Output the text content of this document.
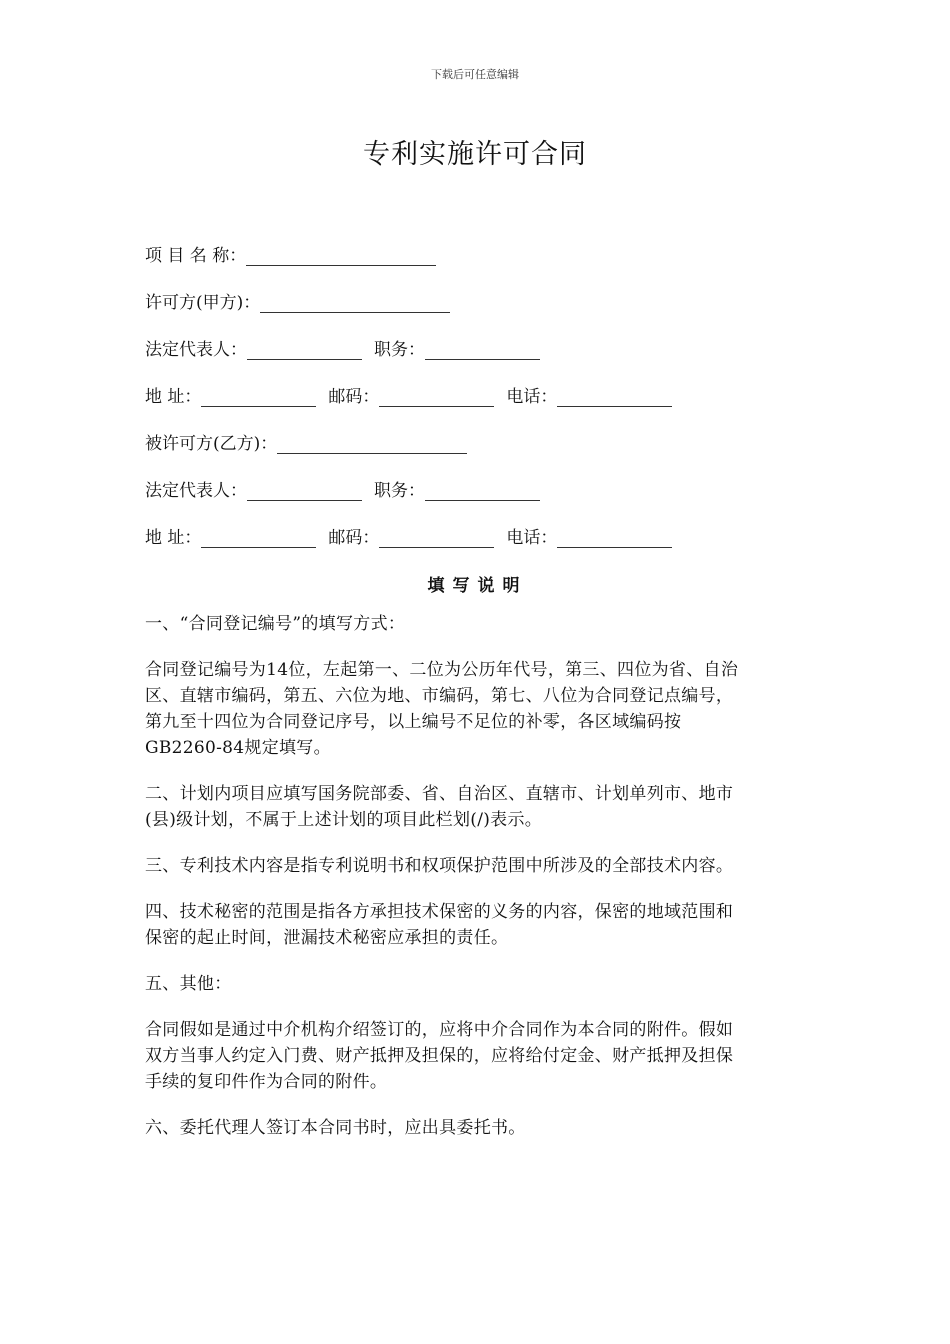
下载后可任意编辑
专利实施许可合同
项 目 名 称：
许可方(甲方)：
法定代表人：	职务：
地 址：	邮码：	电话：
被许可方(乙方)：
法定代表人：	职务：
地 址：	邮码：	电话：
填写说明

一、“合同登记编号”的填写方式：

合同登记编号为14位，左起第一、二位为公历年代号，第三、四位为省、自治
区、直辖市编码，第五、六位为地、市编码，第七、八位为合同登记点编号，
第九至十四位为合同登记序号，以上编号不足位的补零，各区域编码按
GB2260-84规定填写。

二、计划内项目应填写国务院部委、省、自治区、直辖市、计划单列市、地市
(县)级计划，不属于上述计划的项目此栏划(/)表示。

三、专利技术内容是指专利说明书和权项保护范围中所涉及的全部技术内容。

四、技术秘密的范围是指各方承担技术保密的义务的内容，保密的地域范围和
保密的起止时间，泄漏技术秘密应承担的责任。

五、其他：

合同假如是通过中介机构介绍签订的，应将中介合同作为本合同的附件。假如
双方当事人约定入门费、财产抵押及担保的，应将给付定金、财产抵押及担保
手续的复印件作为合同的附件。

六、委托代理人签订本合同书时，应出具委托书。
